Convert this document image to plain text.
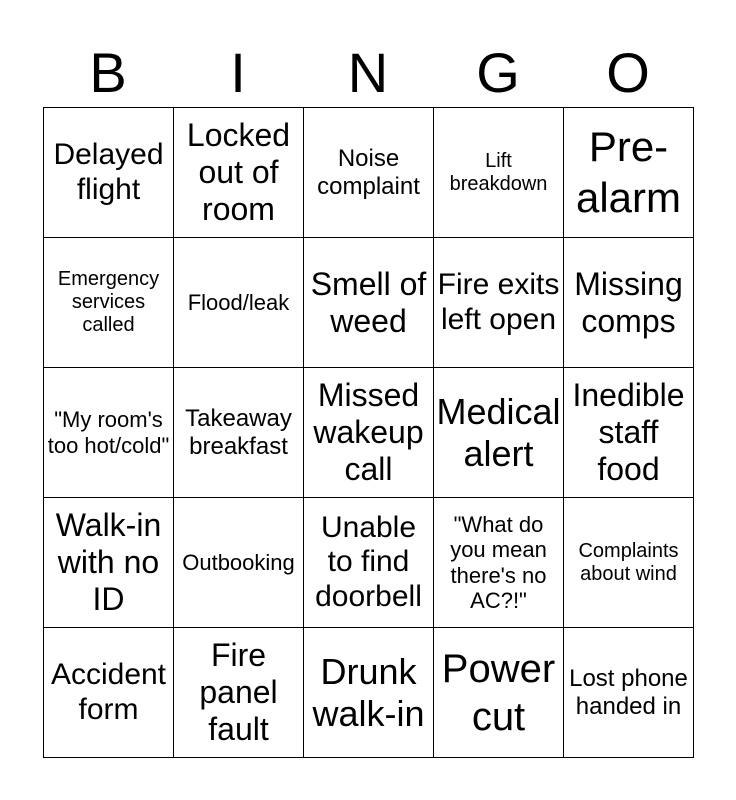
B	I	N	G	O
Delayed flight	Locked out of room	Noise complaint	Lift breakdown	Pre-alarm

Emergency services called	Flood/leak	Smell of weed	Fire exits left open	Missing comps

"My room's too hot/cold"	Takeaway breakfast	Missed wakeup call	Medical alert	Inedible staff food

Walk-in with no ID	Outbooking	Unable to find doorbell	"What do you mean there's no AC?!"	Complaints about wind

Accident form	Fire panel fault	Drunk walk-in	Power cut	Lost phone handed in
